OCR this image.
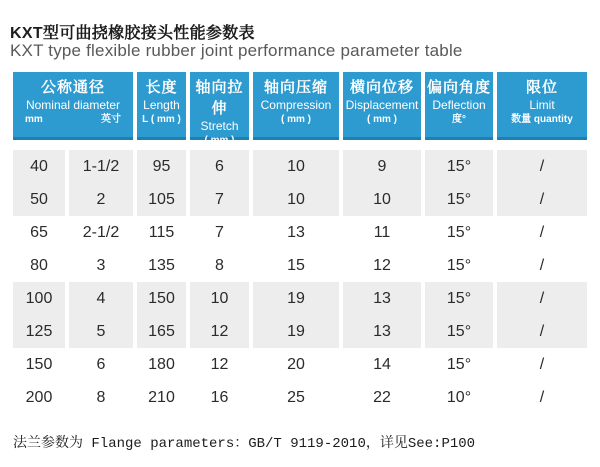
KXT型可曲挠橡胶接头性能参数表
KXT type flexible rubber joint performance parameter table
公称通径
Nominal diameter
mm	英寸
长度
Length
L ( mm )
轴向拉伸
Stretch
( mm )
轴向压缩
Compression
( mm )
横向位移
Displacement
( mm )
偏向角度
Deflection
度°
限位
Limit
数量 quantity
40	1-1/2	95	6	10	9	15°	/
50	2	105	7	10	10	15°	/
65	2-1/2	115	7	13	11	15°	/
80	3	135	8	15	12	15°	/
100	4	150	10	19	13	15°	/
125	5	165	12	19	13	15°	/
150	6	180	12	20	14	15°	/
200	8	210	16	25	22	10°	/
法兰参数为 Flange parameters：GB/T 9119-2010，详见See:P100
